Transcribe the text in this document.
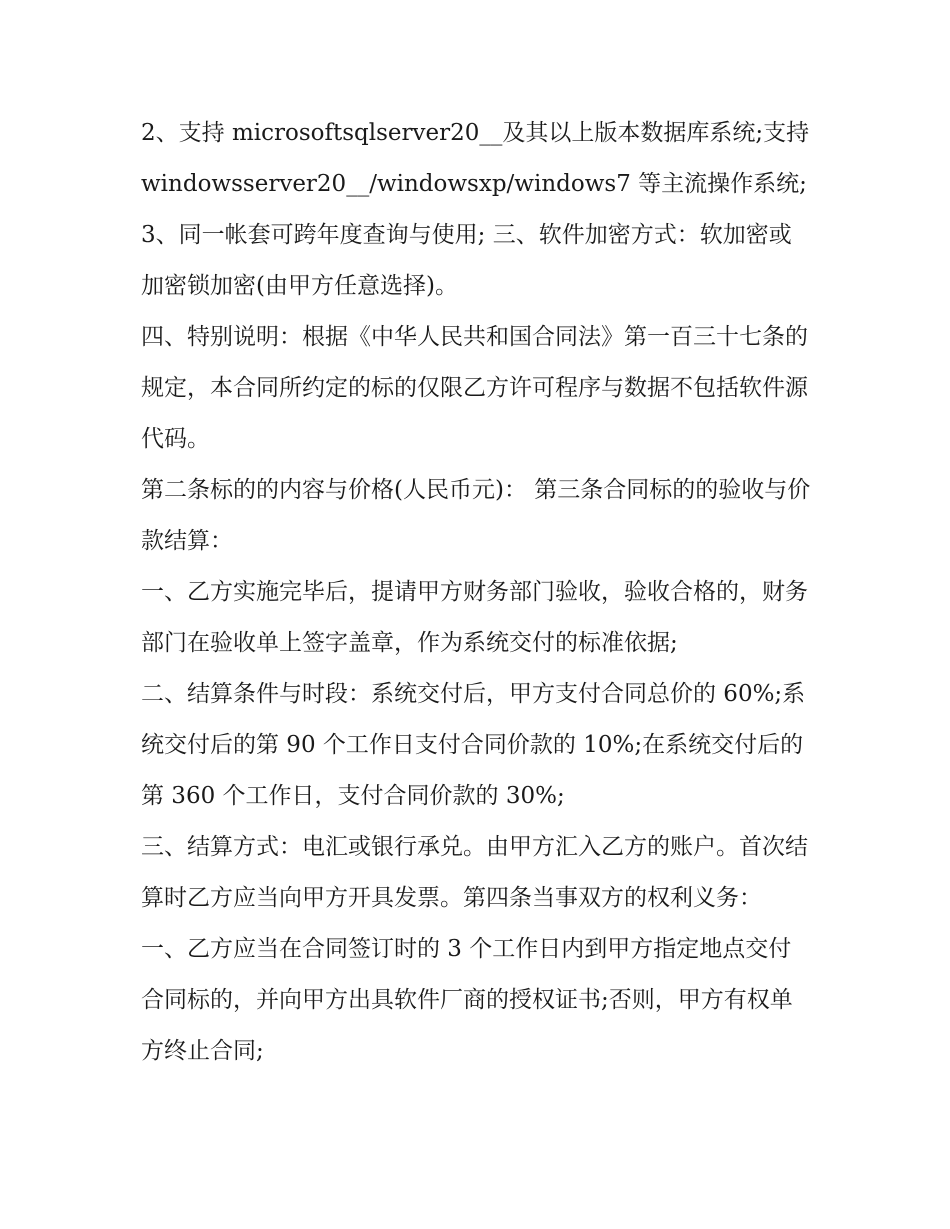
2、支持 microsoftsqlserver20__及其以上版本数据库系统;支持 windowsserver20__/windowsxp/windows7 等主流操作系统;

3、同一帐套可跨年度查询与使用; 三、软件加密方式：软加密或加密锁加密(由甲方任意选择)。

四、特别说明：根据《中华人民共和国合同法》第一百三十七条的规定，本合同所约定的标的仅限乙方许可程序与数据不包括软件源代码。

第二条标的的内容与价格(人民币元)： 第三条合同标的的验收与价款结算：

一、乙方实施完毕后，提请甲方财务部门验收，验收合格的，财务部门在验收单上签字盖章，作为系统交付的标准依据;

二、结算条件与时段：系统交付后，甲方支付合同总价的 60%;系统交付后的第 90 个工作日支付合同价款的 10%;在系统交付后的第 360 个工作日，支付合同价款的 30%;

三、结算方式：电汇或银行承兑。由甲方汇入乙方的账户。首次结算时乙方应当向甲方开具发票。第四条当事双方的权利义务：

一、乙方应当在合同签订时的 3 个工作日内到甲方指定地点交付合同标的，并向甲方出具软件厂商的授权证书;否则，甲方有权单方终止合同;
